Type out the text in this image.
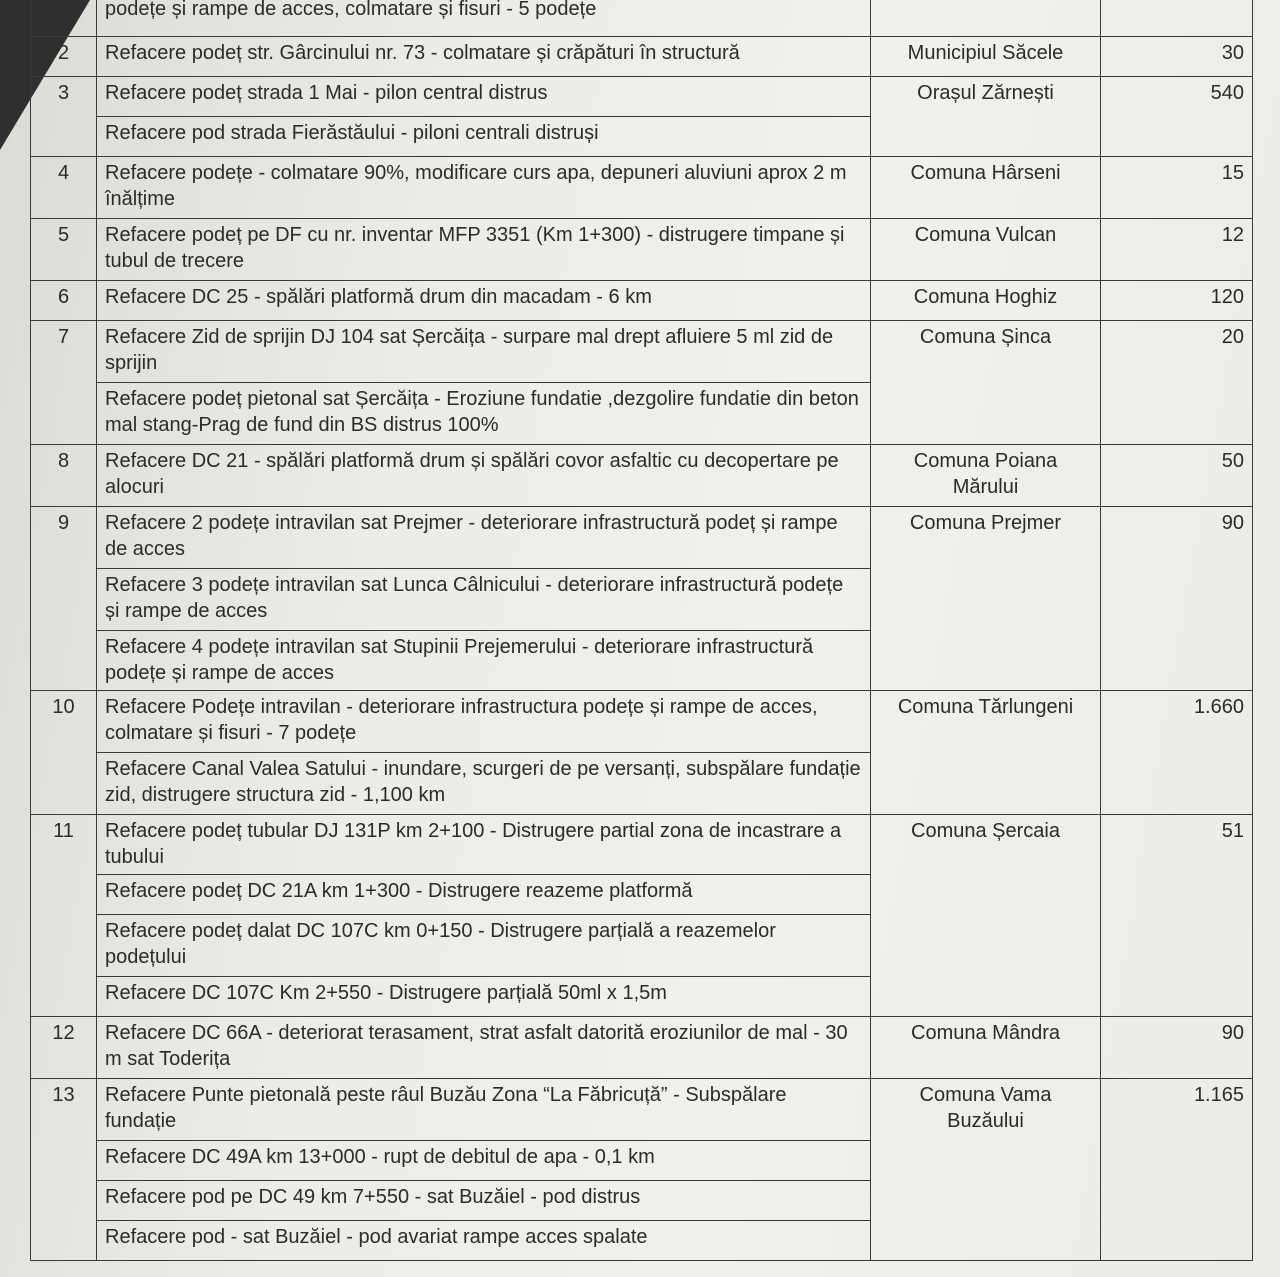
	podețe și rampe de acces, colmatare și fisuri - 5 podețe		
2	Refacere podeț str. Gârcinului nr. 73 - colmatare și crăpături în structură	Municipiul Săcele	30
3	Refacere podeț strada 1 Mai - pilon central distrus	Orașul Zărnești	540
	Refacere pod strada Fierăstăului - piloni centrali distruși		
4	Refacere podețe - colmatare 90%, modificare curs apa, depuneri aluviuni aprox 2 m înălțime	Comuna Hârseni	15
5	Refacere podeț pe DF cu nr. inventar MFP 3351 (Km 1+300) - distrugere timpane și tubul de trecere	Comuna Vulcan	12
6	Refacere DC 25 - spălări platformă drum din macadam - 6 km	Comuna Hoghiz	120
7	Refacere Zid de sprijin DJ 104 sat Șercăița - surpare mal drept afluiere 5 ml zid de sprijin	Comuna Șinca	20
	Refacere podeț pietonal sat Șercăița - Eroziune fundatie ,dezgolire fundatie din beton mal stang-Prag de fund din BS distrus 100%		
8	Refacere DC 21 - spălări platformă drum și spălări covor asfaltic cu decopertare pe alocuri	Comuna Poiana Mărului	50
9	Refacere 2 podețe intravilan sat Prejmer - deteriorare infrastructură podeț și rampe de acces	Comuna Prejmer	90
	Refacere 3 podețe intravilan sat Lunca Câlnicului - deteriorare infrastructură podețe și rampe de acces		
	Refacere 4 podețe intravilan sat Stupinii Prejemerului - deteriorare infrastructură podețe și rampe de acces		
10	Refacere Podețe intravilan - deteriorare infrastructura podețe și rampe de acces, colmatare și fisuri - 7 podețe	Comuna Tărlungeni	1.660
	Refacere Canal Valea Satului - inundare, scurgeri de pe versanți, subspălare fundație zid, distrugere structura zid - 1,100 km		
11	Refacere podeț tubular DJ 131P km 2+100 - Distrugere partial zona de incastrare a tubului	Comuna Șercaia	51
	Refacere podeț DC 21A km 1+300 - Distrugere reazeme platformă		
	Refacere podeț dalat DC 107C km 0+150 - Distrugere parțială a reazemelor podețului		
	Refacere DC 107C Km 2+550 - Distrugere parțială 50ml x 1,5m		
12	Refacere DC 66A - deteriorat terasament, strat asfalt datorită eroziunilor de mal - 30 m sat Toderița	Comuna Mândra	90
13	Refacere Punte pietonală peste râul Buzău Zona “La Făbricuță” - Subspălare fundație	Comuna Vama Buzăului	1.165
	Refacere DC 49A km 13+000 - rupt de debitul de apa - 0,1 km		
	Refacere pod pe DC 49 km 7+550 - sat Buzăiel - pod distrus		
	Refacere pod - sat Buzăiel - pod avariat rampe acces spalate		
